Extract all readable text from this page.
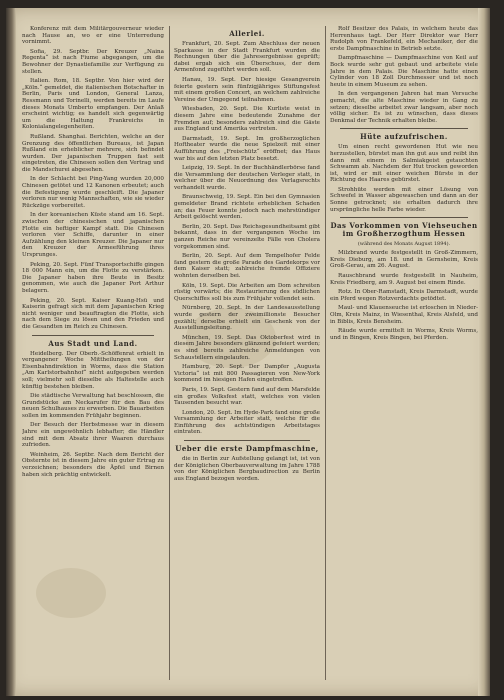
Konferenz mit dem Militärgouverneur wieder nach Hause an, wo er eine Unterredung vornimmt.

Sofia, 29. Septbr. Der Kreuzer „Naina Regenta“ ist nach Fiume abgegangen, um die Bewohner der Dynastiefamilie zur Verfügung zu stellen.

Italien. Rom, 18. Septbr. Von hier wird der „Köln.“ gemeldet, die italienischen Botschafter in Berlin, Paris und London, General Lanza, Ressmann und Torinelli, werden bereits im Laufe dieses Monats Umberto empfangen. Der Anlaß erscheint wichtig; es handelt sich gegenwärtig um die Haltung Frankreichs in Kolonialangelegenheiten.

Rußland. Shanghai. Berichten, welche an der Grenzung des öffentlichen Bureaus, ist Japan Rußland ein erheblicher mehrere, sich befindet wurden. Der japanischen Truppen fast seit eingetreten, die Chinesen sollen den Vertrag und die Mandschurei abgesehen.

In der Schlacht bei Ping-Yang wurden 20,000 Chinesen getötet und 12 Kanonen erbeutet; auch die Befestigung wurde geschleift. Die Japaner verloren nur wenig Mannschaften, wie sie wieder Rückzüge vorbereitet.

In der koreanischen Küste stand am 16. Sept. zwischen der chinesischen und japanischen Flotte ein heftiger Kampf statt. Die Chinesen verloren vier Schiffe, darunter in einer Aufzählung den kleinen Kreuzer. Die Japaner nur den Kreuzer der Armeeführung ihres Ursprunges.

Peking, 20. Sept. Fünf Transportschiffe gingen 18 000 Mann ein, um die Flotte zu verstärken. Die Japaner haben ihre Beute in Besitz genommen, wie auch die Japaner Port Arthur belagern.

Peking, 20. Sept. Kaiser Kuang-Hsü und Kaiserin gefragt sich mit dem Japanischen Krieg nicht weniger und beauftragten die Flotte, sich nach dem Siege zu lösen und den Frieden und die Gesandten im Reich zu Chinesen.

Aus Stadt und Land.

Heidelberg. Der Oberb.-Schöffenrat erhielt in vergangener Woche Mittheilungen von der Eisenbahndirektion in Worms, dass die Station „Am Karlstorbahnhof“ nicht aufgegeben werden soll; vielmehr soll dieselbe als Haltestelle auch künftig bestehen bleiben.

Die städtische Verwaltung hat beschlossen, die Grundstücke am Neckarufer für den Bau des neuen Schulhauses zu erwerben. Die Bauarbeiten sollen im kommenden Frühjahr beginnen.

Der Besuch der Herbstmesse war in diesem Jahre ein ungewöhnlich lebhafter; die Händler sind mit dem Absatz ihrer Waaren durchaus zufrieden.

Weinheim, 26. Septbr. Nach dem Bericht der Obsternte ist in diesem Jahre ein guter Ertrag zu verzeichnen; besonders die Äpfel und Birnen haben sich prächtig entwickelt.

Allerlei.

Frankfurt, 20. Sept. Zum Abschluss der neuen Sparkasse in der Stadt Frankfurt wurden die Rechnungen über die Jahresergebnisse geprüft; dabei ergab sich ein Überschuss, der dem Armenfond zugeführt werden soll.

Hanau, 19. Sept. Der hiesige Gesangverein feierte gestern sein fünfzigjähriges Stiftungsfest mit einem großen Concert, an welchem zahlreiche Vereine der Umgegend teilnahmen.

Wiesbaden, 20. Sept. Die Kurliste weist in diesem Jahre eine bedeutende Zunahme der Fremden auf; besonders zahlreich sind die Gäste aus England und Amerika vertreten.

Darmstadt, 19. Sept. Im großherzoglichen Hoftheater wurde die neue Spielzeit mit einer Aufführung des „Freischütz“ eröffnet; das Haus war bis auf den letzten Platz besetzt.

Leipzig, 19. Sept. In der Buchhändlerbörse fand die Versammlung der deutschen Verleger statt, in welcher über die Neuordnung des Verlagsrechts verhandelt wurde.

Braunschweig, 19. Sept. Ein bei den Gymnasien gemeldeter Brand richtete erheblichen Schaden an; das Feuer konnte jedoch nach mehrstündiger Arbeit gelöscht werden.

Berlin, 20. Sept. Das Reichsgesundheitsamt gibt bekannt, dass in der vergangenen Woche im ganzen Reiche nur vereinzelte Fälle von Cholera vorgekommen sind.

Berlin, 20. Sept. Auf dem Tempelhofer Felde fand gestern die große Parade des Gardekorps vor dem Kaiser statt; zahlreiche fremde Offiziere wohnten derselben bei.

Köln, 19. Sept. Die Arbeiten am Dom schreiten rüstig vorwärts; die Restaurierung des südlichen Querschiffes soll bis zum Frühjahr vollendet sein.

Nürnberg, 20. Sept. In der Landesausstellung wurde gestern der zweimillionste Besucher gezählt; derselbe erhielt ein Geschenk von der Ausstellungsleitung.

München, 19. Sept. Das Oktoberfest wird in diesem Jahre besonders glänzend gefeiert werden; es sind bereits zahlreiche Anmeldungen von Schaustellern eingelaufen.

Hamburg, 20. Sept. Der Dampfer „Augusta Victoria“ ist mit 800 Passagieren von New-York kommend im hiesigen Hafen eingetroffen.

Paris, 19. Sept. Gestern fand auf dem Marsfelde ein großes Volksfest statt, welches von vielen Tausenden besucht war.

London, 20. Sept. Im Hyde-Park fand eine große Versammlung der Arbeiter statt, welche für die Einführung des achtstündigen Arbeitstages eintraten.

Ueber die erste Dampfmaschine,

die in Berlin zur Aufstellung gelangt ist, ist von der Königlichen Oberbauverwaltung im Jahre 1788 von der Königlichen Bergbaudirection zu Berlin aus England bezogen worden.

Rolf Besitzer des Palais, in welchem heute das Herrenhaus tagt. Der Herr Direktor war Herr Rudolph von Frankefeld, ein Mechaniker, der die erste Dampfmaschine in Betrieb setzte.

Dampfmaschine — Dampfmaschine von Keil auf Bock wurde sehr gut gebaut und arbeitete viele Jahre in dem Palais. Die Maschine hatte einen Cylinder von 18 Zoll Durchmesser und ist noch heute in einem Museum zu sehen.

In den vergangenen Jahren hat man Versuche gemacht, die alte Maschine wieder in Gang zu setzen; dieselbe arbeitet zwar langsam, aber noch völlig sicher. Es ist zu wünschen, dass dieses Denkmal der Technik erhalten bleibe.

Hüte aufzufrischen.

Um einen recht gewordenen Hut wie neu herzustellen, bürstet man ihn gut aus und reibt ihn dann mit einem in Salmiakgeist getauchten Schwamm ab. Nachdem der Hut trocken geworden ist, wird er mit einer weichen Bürste in der Richtung des Haares gebürstet.

Strohhüte werden mit einer Lösung von Schwefel in Wasser abgewaschen und dann an der Sonne getrocknet; sie erhalten dadurch ihre ursprüngliche helle Farbe wieder.

Das Vorkommen von Viehseuchen im Großherzogthum Hessen
(während des Monats August 1894).

Milzbrand wurde festgestellt in Groß-Zimmern, Kreis Dieburg, am 18. und in Gernsheim, Kreis Groß-Gerau, am 26. August.

Rauschbrand wurde festgestellt in Nauheim, Kreis Friedberg, am 9. August bei einem Rinde.

Rotz. In Ober-Ramstadt, Kreis Darmstadt, wurde ein Pferd wegen Rotzverdachts getödtet.

Maul- und Klauenseuche ist erloschen in Nieder-Olm, Kreis Mainz, in Wiesenthal, Kreis Alsfeld, und in Biblis, Kreis Bensheim.

Räude wurde ermittelt in Worms, Kreis Worms, und in Bingen, Kreis Bingen, bei Pferden.
